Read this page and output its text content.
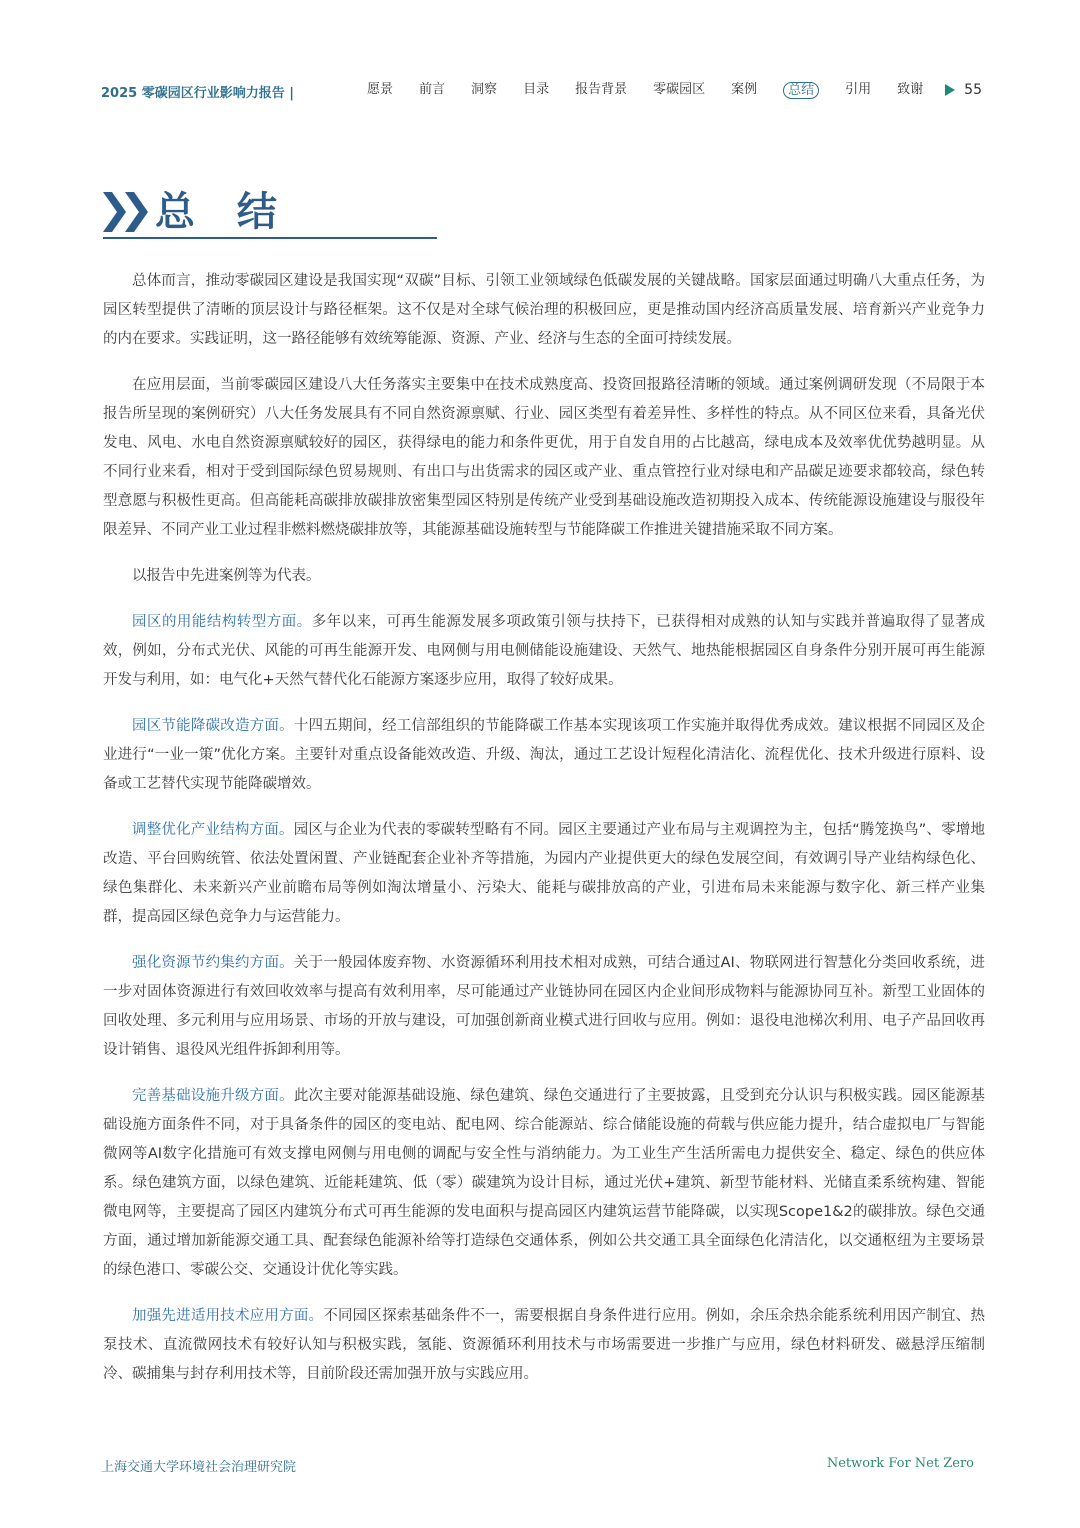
2025 零碳园区行业影响力报告 |	愿景 前言 洞察 目录 报告背景 零碳园区 案例	总结	引用 致谢	55
总 结

总体而言，推动零碳园区建设是我国实现“双碳”目标、引领工业领域绿色低碳发展的关键战略。国家层面通过明确八大重点任务，为园区转型提供了清晰的顶层设计与路径框架。这不仅是对全球气候治理的积极回应，更是推动国内经济高质量发展、培育新兴产业竞争力的内在要求。实践证明，这一路径能够有效统筹能源、资源、产业、经济与生态的全面可持续发展。

在应用层面，当前零碳园区建设八大任务落实主要集中在技术成熟度高、投资回报路径清晰的领域。通过案例调研发现（不局限于本报告所呈现的案例研究）八大任务发展具有不同自然资源禀赋、行业、园区类型有着差异性、多样性的特点。从不同区位来看，具备光伏发电、风电、水电自然资源禀赋较好的园区，获得绿电的能力和条件更优，用于自发自用的占比越高，绿电成本及效率优优势越明显。从不同行业来看，相对于受到国际绿色贸易规则、有出口与出货需求的园区或产业、重点管控行业对绿电和产品碳足迹要求都较高，绿色转型意愿与积极性更高。但高能耗高碳排放碳排放密集型园区特别是传统产业受到基础设施改造初期投入成本、传统能源设施建设与服役年限差异、不同产业工业过程非燃料燃烧碳排放等，其能源基础设施转型与节能降碳工作推进关键措施采取不同方案。

以报告中先进案例等为代表。

园区的用能结构转型方面。多年以来，可再生能源发展多项政策引领与扶持下，已获得相对成熟的认知与实践并普遍取得了显著成效，例如，分布式光伏、风能的可再生能源开发、电网侧与用电侧储能设施建设、天然气、地热能根据园区自身条件分别开展可再生能源开发与利用，如：电气化+天然气替代化石能源方案逐步应用，取得了较好成果。

园区节能降碳改造方面。十四五期间，经工信部组织的节能降碳工作基本实现该项工作实施并取得优秀成效。建议根据不同园区及企业进行“一业一策”优化方案。主要针对重点设备能效改造、升级、淘汰，通过工艺设计短程化清洁化、流程优化、技术升级进行原料、设备或工艺替代实现节能降碳增效。

调整优化产业结构方面。园区与企业为代表的零碳转型略有不同。园区主要通过产业布局与主观调控为主，包括“腾笼换鸟”、零增地改造、平台回购统管、依法处置闲置、产业链配套企业补齐等措施，为园内产业提供更大的绿色发展空间，有效调引导产业结构绿色化、绿色集群化、未来新兴产业前瞻布局等例如淘汰增量小、污染大、能耗与碳排放高的产业，引进布局未来能源与数字化、新三样产业集群，提高园区绿色竞争力与运营能力。

强化资源节约集约方面。关于一般园体废弃物、水资源循环利用技术相对成熟，可结合通过AI、物联网进行智慧化分类回收系统，进一步对固体资源进行有效回收效率与提高有效利用率，尽可能通过产业链协同在园区内企业间形成物料与能源协同互补。新型工业固体的回收处理、多元利用与应用场景、市场的开放与建设，可加强创新商业模式进行回收与应用。例如：退役电池梯次利用、电子产品回收再设计销售、退役风光组件拆卸利用等。

完善基础设施升级方面。此次主要对能源基础设施、绿色建筑、绿色交通进行了主要披露，且受到充分认识与积极实践。园区能源基础设施方面条件不同，对于具备条件的园区的变电站、配电网、综合能源站、综合储能设施的荷载与供应能力提升，结合虚拟电厂与智能微网等AI数字化措施可有效支撑电网侧与用电侧的调配与安全性与消纳能力。为工业生产生活所需电力提供安全、稳定、绿色的供应体系。绿色建筑方面，以绿色建筑、近能耗建筑、低（零）碳建筑为设计目标，通过光伏+建筑、新型节能材料、光储直柔系统构建、智能微电网等，主要提高了园区内建筑分布式可再生能源的发电面积与提高园区内建筑运营节能降碳，以实现Scope1&2的碳排放。绿色交通方面，通过增加新能源交通工具、配套绿色能源补给等打造绿色交通体系，例如公共交通工具全面绿色化清洁化，以交通枢纽为主要场景的绿色港口、零碳公交、交通设计优化等实践。

加强先进适用技术应用方面。不同园区探索基础条件不一，需要根据自身条件进行应用。例如，余压余热余能系统利用因产制宜、热泵技术、直流微网技术有较好认知与积极实践，氢能、资源循环利用技术与市场需要进一步推广与应用，绿色材料研发、磁悬浮压缩制冷、碳捕集与封存利用技术等，目前阶段还需加强开放与实践应用。

上海交通大学环境社会治理研究院	Network For Net Zero
